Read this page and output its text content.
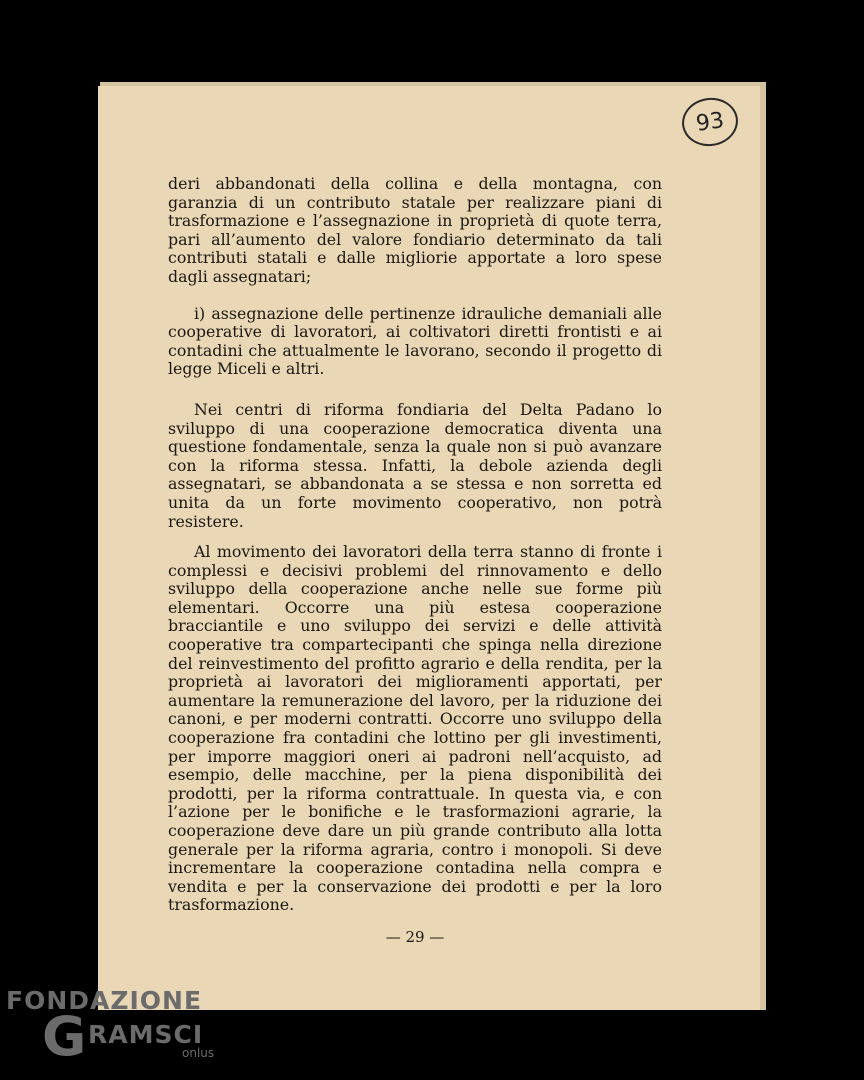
93

deri abbandonati della collina e della montagna, con garanzia di un contributo statale per realizzare piani di trasformazione e l’assegnazione in proprietà di quote terra, pari all’aumento del valore fondiario determinato da tali contributi statali e dalle migliorie apportate a loro spese dagli assegnatari;

i) assegnazione delle pertinenze idrauliche demaniali alle cooperative di lavoratori, ai coltivatori diretti frontisti e ai contadini che attualmente le lavorano, secondo il progetto di legge Miceli e altri.

Nei centri di riforma fondiaria del Delta Padano lo sviluppo di una cooperazione democratica diventa una questione fondamentale, senza la quale non si può avanzare con la riforma stessa. Infatti, la debole azienda degli assegnatari, se abbandonata a se stessa e non sorretta ed unita da un forte movimento cooperativo, non potrà resistere.

Al movimento dei lavoratori della terra stanno di fronte i complessi e decisivi problemi del rinnovamento e dello sviluppo della cooperazione anche nelle sue forme più elementari. Occorre una più estesa cooperazione bracciantile e uno sviluppo dei servizi e delle attività cooperative tra compartecipanti che spinga nella direzione del reinvestimento del profitto agrario e della rendita, per la proprietà ai lavoratori dei miglioramenti apportati, per aumentare la remunerazione del lavoro, per la riduzione dei canoni, e per moderni contratti. Occorre uno sviluppo della cooperazione fra contadini che lottino per gli investimenti, per imporre maggiori oneri ai padroni nell’acquisto, ad esempio, delle macchine, per la piena disponibilità dei prodotti, per la riforma contrattuale. In questa via, e con l’azione per le bonifiche e le trasformazioni agrarie, la cooperazione deve dare un più grande contributo alla lotta generale per la riforma agraria, contro i monopoli. Si deve incrementare la cooperazione contadina nella compra e vendita e per la conservazione dei prodotti e per la loro trasformazione.

— 29 —
FONDAZIONE
G RAMSCI
onlus
